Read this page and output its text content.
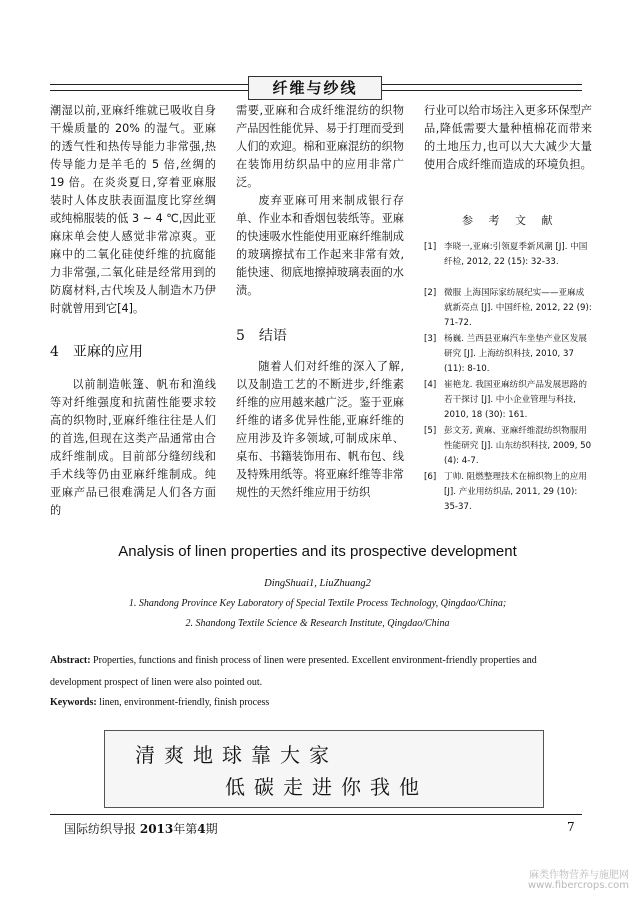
纤维与纱线

潮湿以前,亚麻纤维就已吸收自身干燥质量的 20% 的湿气。亚麻的透气性和热传导能力非常强,热传导能力是羊毛的 5 倍,丝绸的 19 倍。在炎炎夏日,穿着亚麻服装时人体皮肤表面温度比穿丝绸或纯棉服装的低 3 ~ 4 ℃,因此亚麻床单会使人感觉非常凉爽。亚麻中的二氧化硅使纤维的抗腐能力非常强,二氧化硅是经常用到的防腐材料,古代埃及人制造木乃伊时就曾用到它[4]。

4 亚麻的应用

以前制造帐篷、帆布和渔线等对纤维强度和抗菌性能要求较高的织物时,亚麻纤维往往是人们的首选,但现在这类产品通常由合成纤维制成。目前部分缝纫线和手术线等仍由亚麻纤维制成。纯亚麻产品已很难满足人们各方面的

需要,亚麻和合成纤维混纺的织物产品因性能优异、易于打理而受到人们的欢迎。棉和亚麻混纺的织物在装饰用纺织品中的应用非常广泛。

废弃亚麻可用来制成银行存单、作业本和香烟包装纸等。亚麻的快速吸水性能使用亚麻纤维制成的玻璃擦拭布工作起来非常有效,能快速、彻底地擦掉玻璃表面的水渍。

5 结语

随着人们对纤维的深入了解,以及制造工艺的不断进步,纤维素纤维的应用越来越广泛。鉴于亚麻纤维的诸多优异性能,亚麻纤维的应用涉及许多领域,可制成床单、桌布、书籍装饰用布、帆布包、线及特殊用纸等。将亚麻纤维等非常规性的天然纤维应用于纺织

行业可以给市场注入更多环保型产品,降低需要大量种植棉花而带来的土地压力,也可以大大减少大量使用合成纤维而造成的环境负担。

参 考 文 献
[1] 李晓一,亚麻:引领夏季新风潮 [J]. 中国纤检, 2012, 22 (15): 32-33.
[2] 微服 上海国际家纺展纪实——亚麻成就新亮点 [J]. 中国纤检, 2012, 22 (9): 71-72.
[3] 杨巍. 兰西县亚麻汽车坐垫产业区发展研究 [J]. 上海纺织科技, 2010, 37 (11): 8-10.
[4] 崔艳龙. 我国亚麻纺织产品发展思路的若干探讨 [J]. 中小企业管理与科技, 2010, 18 (30): 161.
[5] 彭文芳, 黄麻、亚麻纤维混纺织物服用性能研究 [J]. 山东纺织科技, 2009, 50 (4): 4-7.
[6] 丁帅. 阻燃整理技术在棉织物上的应用 [J]. 产业用纺织品, 2011, 29 (10): 35-37.
Analysis of linen properties and its prospective development
DingShuai1, LiuZhuang2
1. Shandong Province Key Laboratory of Special Textile Process Technology, Qingdao/China;
2. Shandong Textile Science & Research Institute, Qingdao/China
Abstract: Properties, functions and finish process of linen were presented. Excellent environment-friendly properties and development prospect of linen were also pointed out.
Keywords: linen, environment-friendly, finish process
清爽地球靠大家
低碳走进你我他
国际纺织导报 2013年第4期	7
麻类作物营养与施肥网
www.fibercrops.com
